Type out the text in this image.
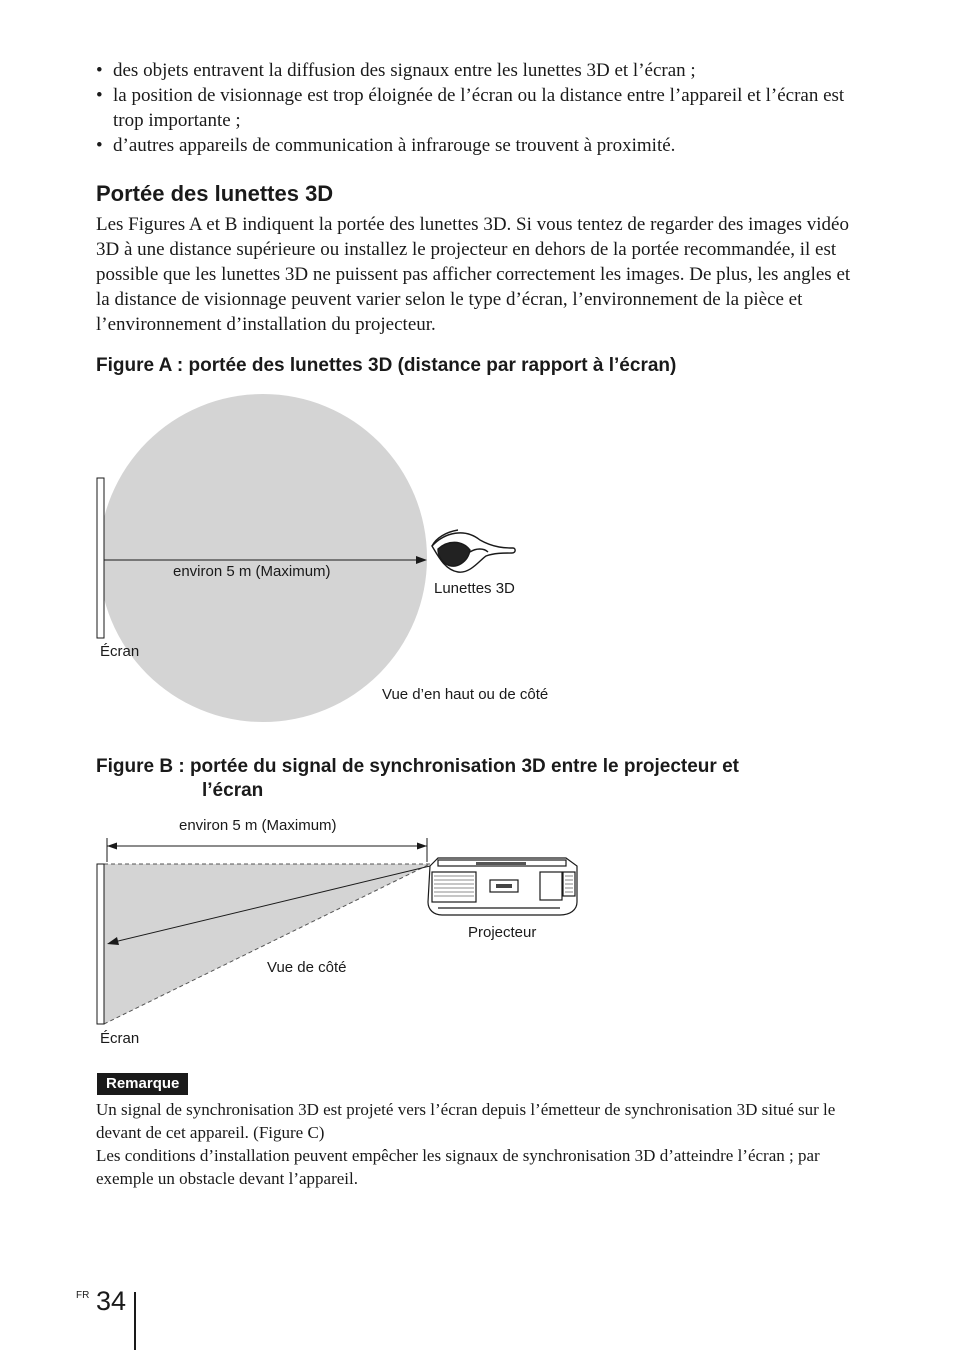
• des objets entravent la diffusion des signaux entre les lunettes 3D et l’écran ;
• la position de visionnage est trop éloignée de l’écran ou la distance entre l’appareil et l’écran est trop importante ;
• d’autres appareils de communication à infrarouge se trouvent à proximité.
Portée des lunettes 3D

Les Figures A et B indiquent la portée des lunettes 3D. Si vous tentez de regarder des images vidéo 3D à une distance supérieure ou installez le projecteur en dehors de la portée recommandée, il est possible que les lunettes 3D ne puissent pas afficher correctement les images. De plus, les angles et la distance de visionnage peuvent varier selon le type d’écran, l’environnement de la pièce et l’environnement d’installation du projecteur.

Figure A : portée des lunettes 3D (distance par rapport à l’écran)
environ 5 m (Maximum)
Lunettes 3D
Écran
Vue d’en haut ou de côté
Figure B : portée du signal de synchronisation 3D entre le projecteur et
l’écran
environ 5 m (Maximum)
Projecteur
Vue de côté
Écran
Remarque

Un signal de synchronisation 3D est projeté vers l’écran depuis l’émetteur de synchronisation 3D situé sur le devant de cet appareil. (Figure C)
Les conditions d’installation peuvent empêcher les signaux de synchronisation 3D d’atteindre l’écran ; par exemple un obstacle devant l’appareil.

FR 34
